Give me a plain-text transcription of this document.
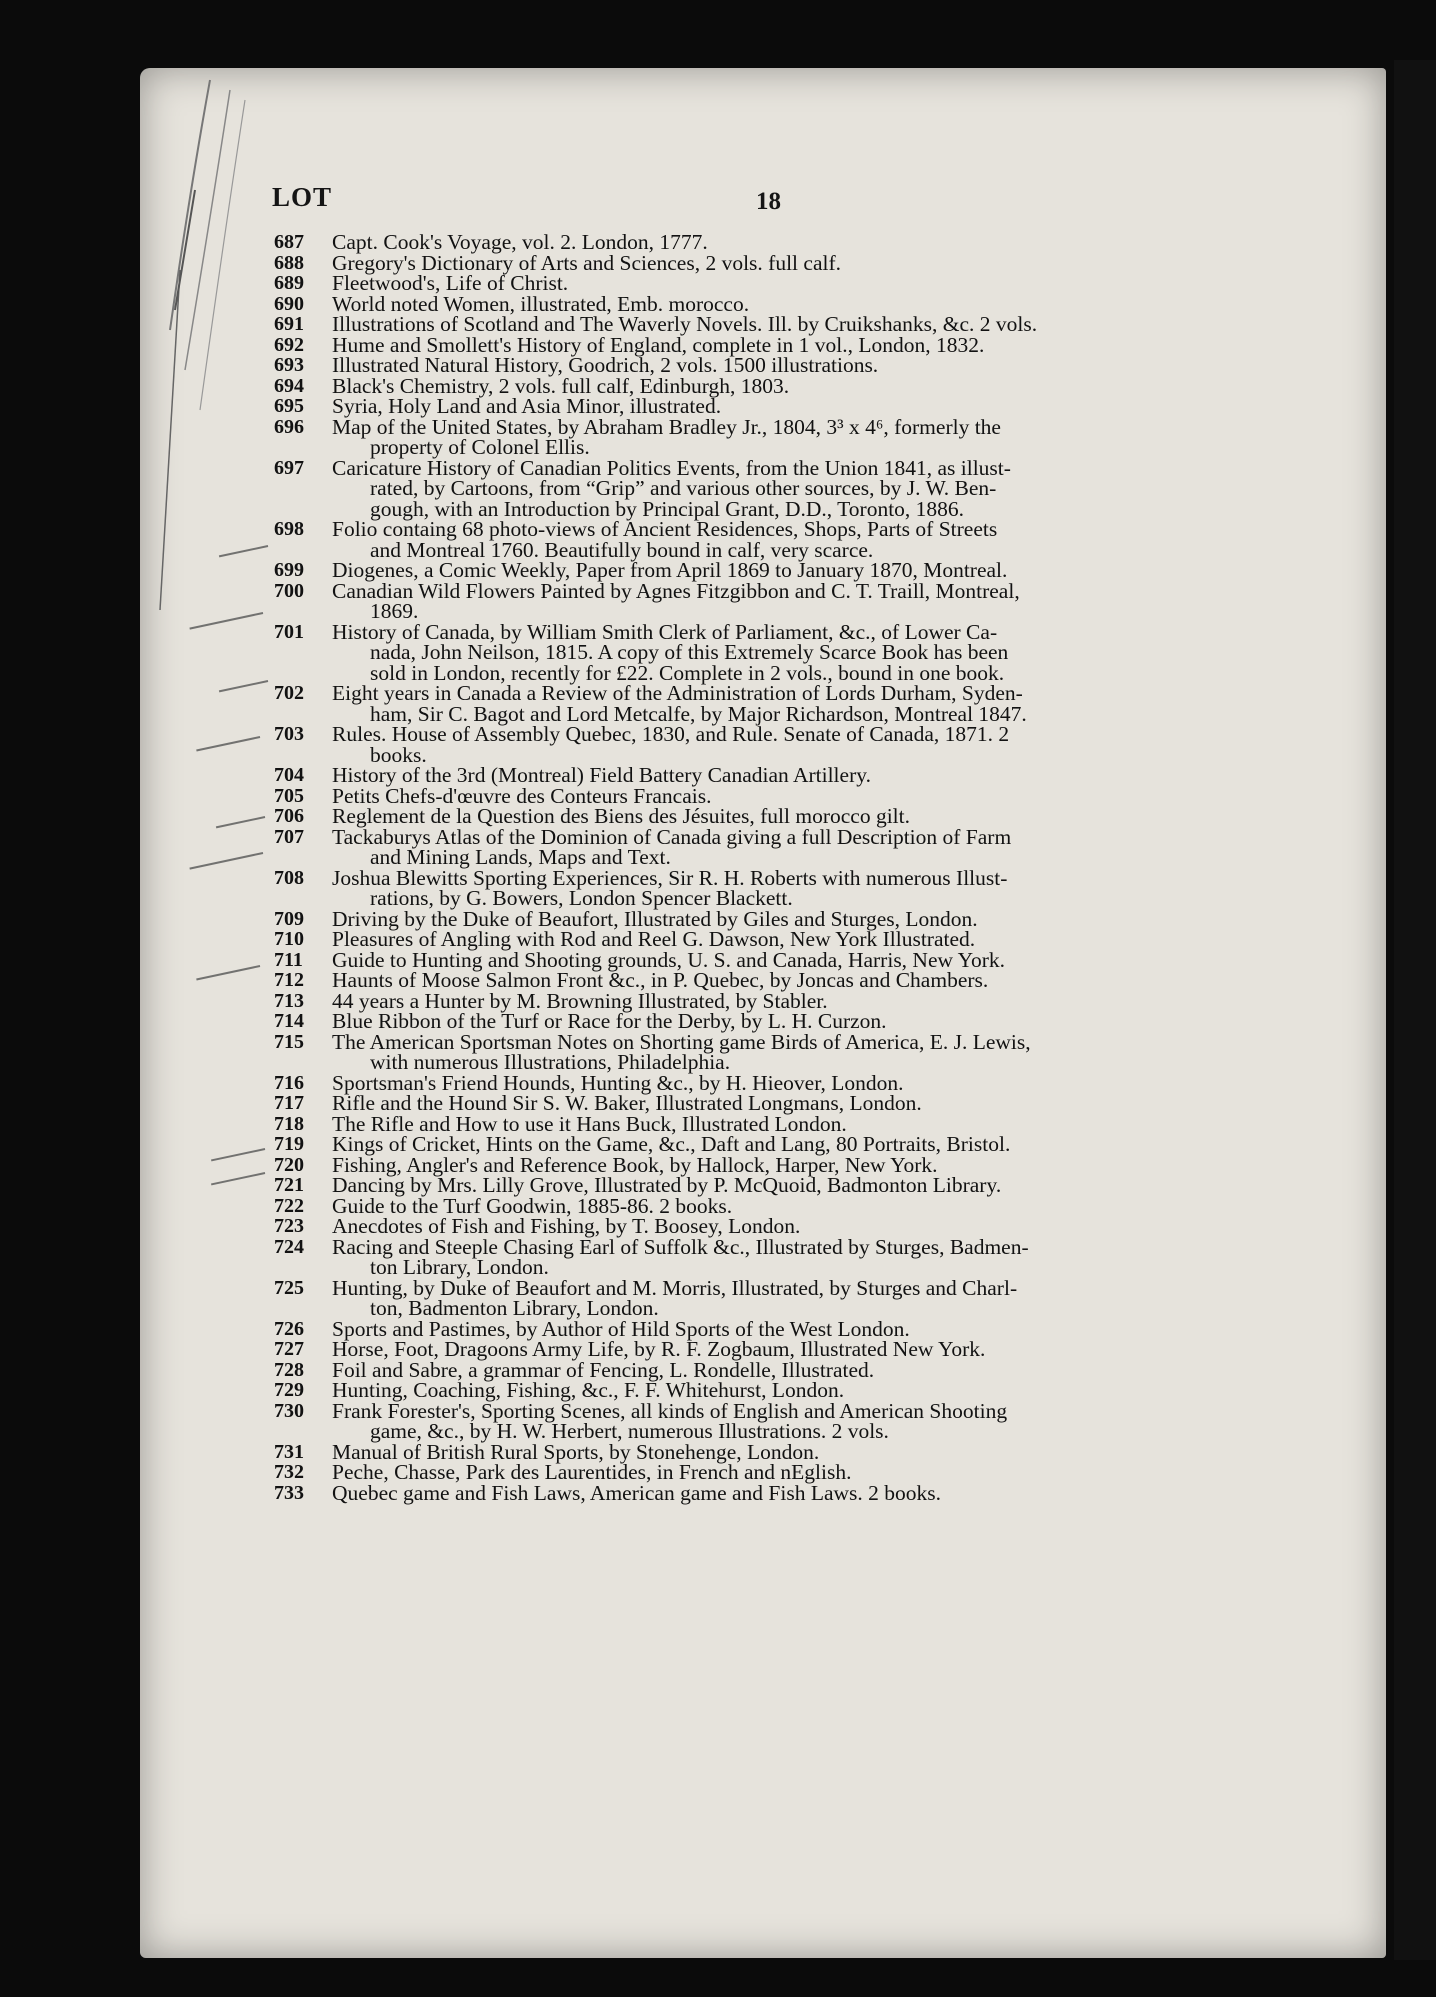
LOT	18
687	Capt. Cook's Voyage, vol. 2. London, 1777.
688	Gregory's Dictionary of Arts and Sciences, 2 vols. full calf.
689	Fleetwood's, Life of Christ.
690	World noted Women, illustrated, Emb. morocco.
691	Illustrations of Scotland and The Waverly Novels. Ill. by Cruikshanks, &c. 2 vols.
692	Hume and Smollett's History of England, complete in 1 vol., London, 1832.
693	Illustrated Natural History, Goodrich, 2 vols. 1500 illustrations.
694	Black's Chemistry, 2 vols. full calf, Edinburgh, 1803.
695	Syria, Holy Land and Asia Minor, illustrated.
696	Map of the United States, by Abraham Bradley Jr., 1804, 3³ x 4⁶, formerly the
property of Colonel Ellis.
697	Caricature History of Canadian Politics Events, from the Union 1841, as illust-
rated, by Cartoons, from “Grip” and various other sources, by J. W. Ben-
gough, with an Introduction by Principal Grant, D.D., Toronto, 1886.
698	Folio containg 68 photo-views of Ancient Residences, Shops, Parts of Streets
and Montreal 1760. Beautifully bound in calf, very scarce.
699	Diogenes, a Comic Weekly, Paper from April 1869 to January 1870, Montreal.
700	Canadian Wild Flowers Painted by Agnes Fitzgibbon and C. T. Traill, Montreal,
1869.
701	History of Canada, by William Smith Clerk of Parliament, &c., of Lower Ca-
nada, John Neilson, 1815. A copy of this Extremely Scarce Book has been
sold in London, recently for £22. Complete in 2 vols., bound in one book.
702	Eight years in Canada a Review of the Administration of Lords Durham, Syden-
ham, Sir C. Bagot and Lord Metcalfe, by Major Richardson, Montreal 1847.
703	Rules. House of Assembly Quebec, 1830, and Rule. Senate of Canada, 1871. 2
books.
704	History of the 3rd (Montreal) Field Battery Canadian Artillery.
705	Petits Chefs-d'œuvre des Conteurs Francais.
706	Reglement de la Question des Biens des Jésuites, full morocco gilt.
707	Tackaburys Atlas of the Dominion of Canada giving a full Description of Farm
and Mining Lands, Maps and Text.
708	Joshua Blewitts Sporting Experiences, Sir R. H. Roberts with numerous Illust-
rations, by G. Bowers, London Spencer Blackett.
709	Driving by the Duke of Beaufort, Illustrated by Giles and Sturges, London.
710	Pleasures of Angling with Rod and Reel G. Dawson, New York Illustrated.
711	Guide to Hunting and Shooting grounds, U. S. and Canada, Harris, New York.
712	Haunts of Moose Salmon Front &c., in P. Quebec, by Joncas and Chambers.
713	44 years a Hunter by M. Browning Illustrated, by Stabler.
714	Blue Ribbon of the Turf or Race for the Derby, by L. H. Curzon.
715	The American Sportsman Notes on Shorting game Birds of America, E. J. Lewis,
with numerous Illustrations, Philadelphia.
716	Sportsman's Friend Hounds, Hunting &c., by H. Hieover, London.
717	Rifle and the Hound Sir S. W. Baker, Illustrated Longmans, London.
718	The Rifle and How to use it Hans Buck, Illustrated London.
719	Kings of Cricket, Hints on the Game, &c., Daft and Lang, 80 Portraits, Bristol.
720	Fishing, Angler's and Reference Book, by Hallock, Harper, New York.
721	Dancing by Mrs. Lilly Grove, Illustrated by P. McQuoid, Badmonton Library.
722	Guide to the Turf Goodwin, 1885-86. 2 books.
723	Anecdotes of Fish and Fishing, by T. Boosey, London.
724	Racing and Steeple Chasing Earl of Suffolk &c., Illustrated by Sturges, Badmen-
ton Library, London.
725	Hunting, by Duke of Beaufort and M. Morris, Illustrated, by Sturges and Charl-
ton, Badmenton Library, London.
726	Sports and Pastimes, by Author of Hild Sports of the West London.
727	Horse, Foot, Dragoons Army Life, by R. F. Zogbaum, Illustrated New York.
728	Foil and Sabre, a grammar of Fencing, L. Rondelle, Illustrated.
729	Hunting, Coaching, Fishing, &c., F. F. Whitehurst, London.
730	Frank Forester's, Sporting Scenes, all kinds of English and American Shooting
game, &c., by H. W. Herbert, numerous Illustrations. 2 vols.
731	Manual of British Rural Sports, by Stonehenge, London.
732	Peche, Chasse, Park des Laurentides, in French and nEglish.
733	Quebec game and Fish Laws, American game and Fish Laws. 2 books.
